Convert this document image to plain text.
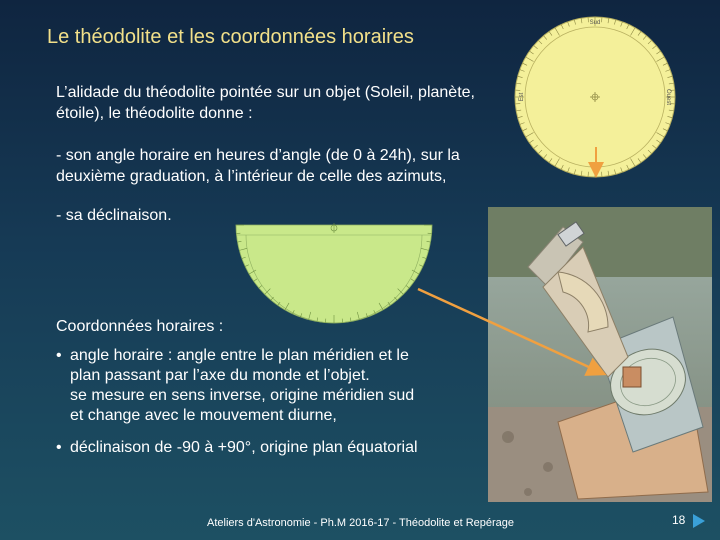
Le théodolite et les coordonnées horaires
L’alidade du théodolite pointée sur un objet (Soleil, planète, étoile), le théodolite donne :
- son angle horaire en heures d’angle (de 0 à 24h), sur la deuxième graduation, à l’intérieur de celle des azimuts,
- sa déclinaison.
Coordonnées horaires :
• angle horaire : angle entre le plan méridien et le
plan passant par l’axe du monde et l’objet.
se mesure en sens inverse, origine méridien sud
et change avec le mouvement diurne,
• déclinaison de -90 à +90°, origine plan équatorial
Sud
Est	Ouest
Ateliers d'Astronomie - Ph.M 2016-17 - Théodolite et Repérage	18
